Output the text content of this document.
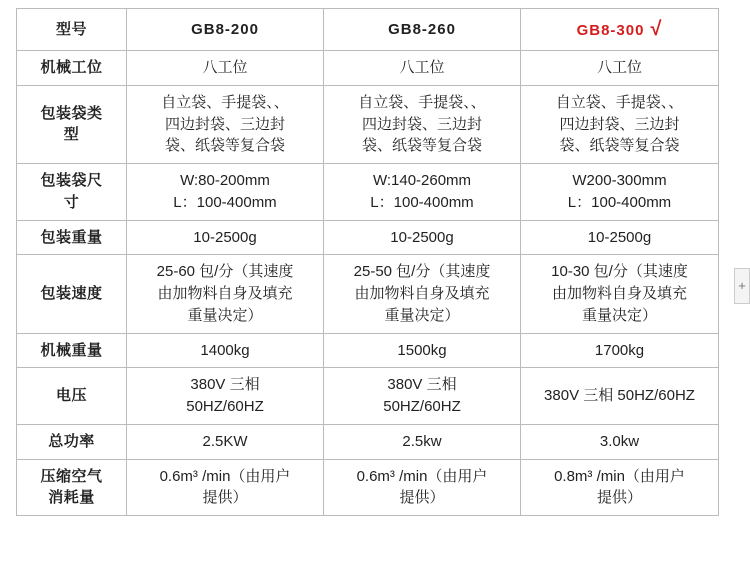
型号	GB8-200	GB8-260	GB8-300 √
机械工位	八工位	八工位	八工位

包装袋类
型	自立袋、手提袋、、
四边封袋、三边封
袋、纸袋等复合袋	自立袋、手提袋、、
四边封袋、三边封
袋、纸袋等复合袋	自立袋、手提袋、、
四边封袋、三边封
袋、纸袋等复合袋

包装袋尺
寸	W:80-200mm
L：100-400mm	W:140-260mm
L：100-400mm	W200-300mm
L：100-400mm

包装重量	10-2500g	10-2500g	10-2500g

包装速度	25-60 包/分（其速度
由加物料自身及填充
重量决定）	25-50 包/分（其速度
由加物料自身及填充
重量决定）	10-30 包/分（其速度
由加物料自身及填充
重量决定）

机械重量	1400kg	1500kg	1700kg

电压	380V 三相
50HZ/60HZ	380V 三相
50HZ/60HZ	380V 三相 50HZ/60HZ

总功率	2.5KW	2.5kw	3.0kw

压缩空气
消耗量	0.6m³ /min（由用户
提供）	0.6m³ /min（由用户
提供）	0.8m³ /min（由用户
提供）
+
